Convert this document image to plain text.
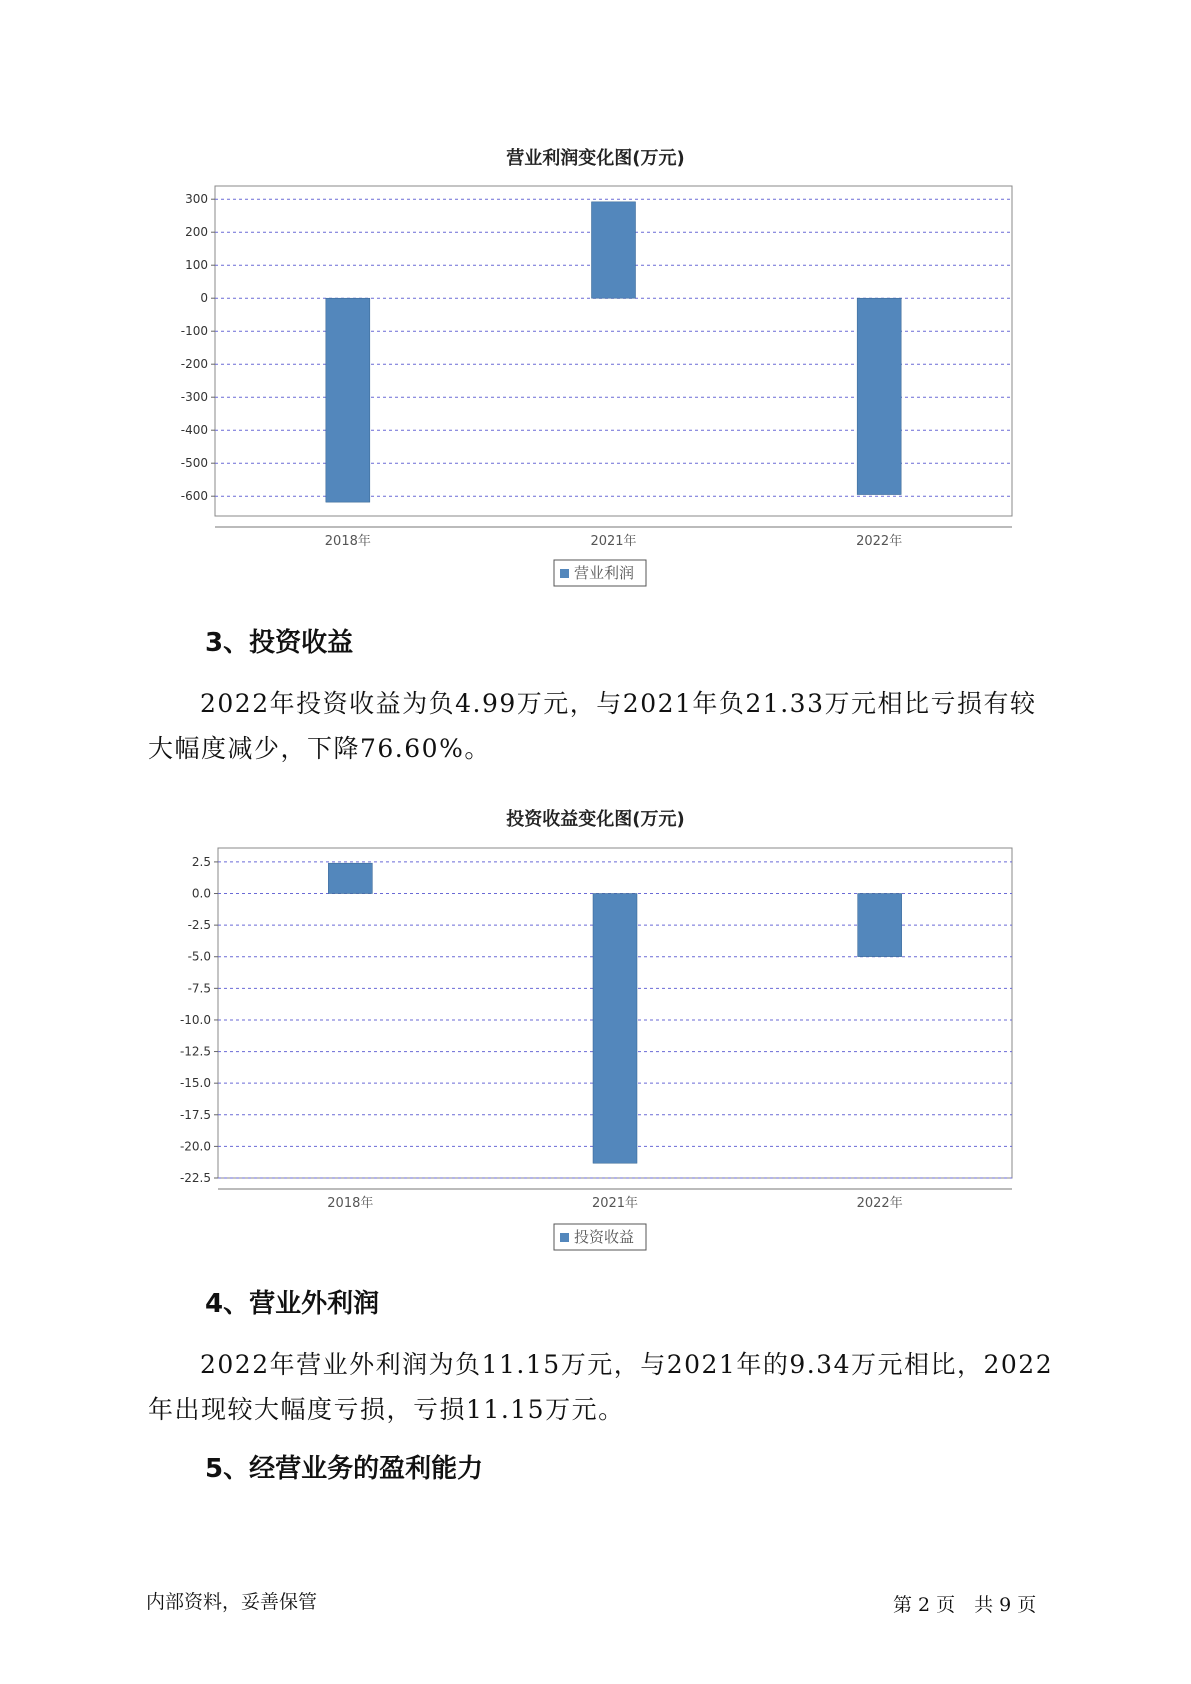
营业利润变化图(万元)
300
200
100
0
-100
-200
-300
-400
-500
-600
2018年	2021年	2022年
营业利润
3、投资收益
2022年投资收益为负4.99万元，与2021年负21.33万元相比亏损有较大幅度减少，下降76.60%。
投资收益变化图(万元)
2.5
0.0
-2.5
-5.0
-7.5
-10.0
-12.5
-15.0
-17.5
-20.0
-22.5
2018年	2021年	2022年
投资收益
4、营业外利润
2022年营业外利润为负11.15万元，与2021年的9.34万元相比，2022年出现较大幅度亏损，亏损11.15万元。
5、经营业务的盈利能力
内部资料，妥善保管	第 2 页　共 9 页
